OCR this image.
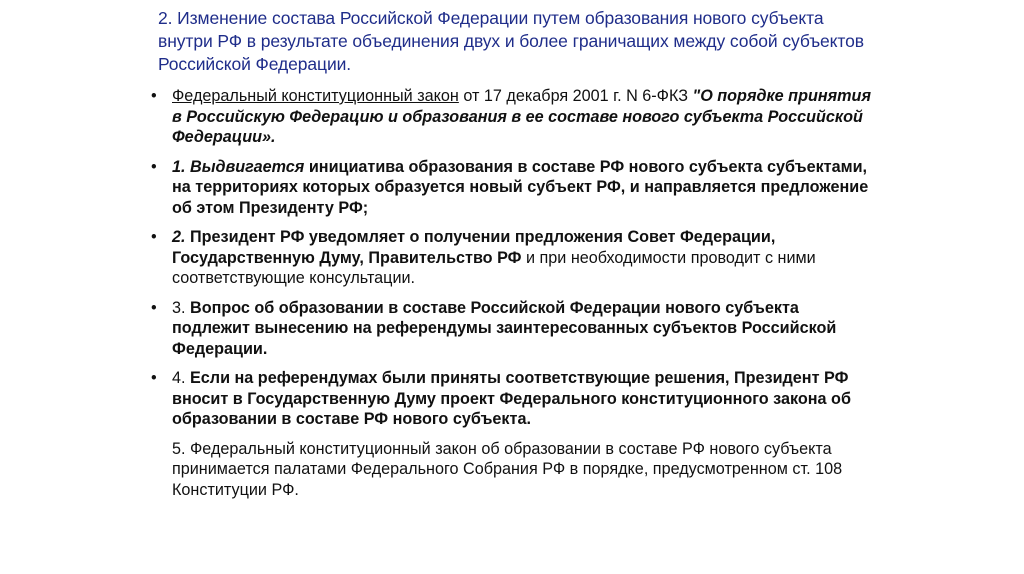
2. Изменение состава Российской Федерации путем образования нового субъекта внутри РФ в результате объединения двух и более граничащих между собой субъектов Российской Федерации.
• Федеральный конституционный закон от 17 декабря 2001 г. N 6-ФКЗ "О порядке принятия в Российскую Федерацию и образования в ее составе нового субъекта Российской Федерации».
• 1. Выдвигается инициатива образования в составе РФ нового субъекта субъектами, на территориях которых образуется новый субъект РФ, и направляется предложение об этом Президенту РФ;
• 2. Президент РФ уведомляет о получении предложения Совет Федерации, Государственную Думу, Правительство РФ и при необходимости проводит с ними соответствующие консультации.
• 3. Вопрос об образовании в составе Российской Федерации нового субъекта подлежит вынесению на референдумы заинтересованных субъектов Российской Федерации.
• 4. Если на референдумах были приняты соответствующие решения, Президент РФ вносит в Государственную Думу проект Федерального конституционного закона об образовании в составе РФ нового субъекта.
5. Федеральный конституционный закон об образовании в составе РФ нового субъекта принимается палатами Федерального Собрания РФ в порядке, предусмотренном ст. 108 Конституции РФ.
